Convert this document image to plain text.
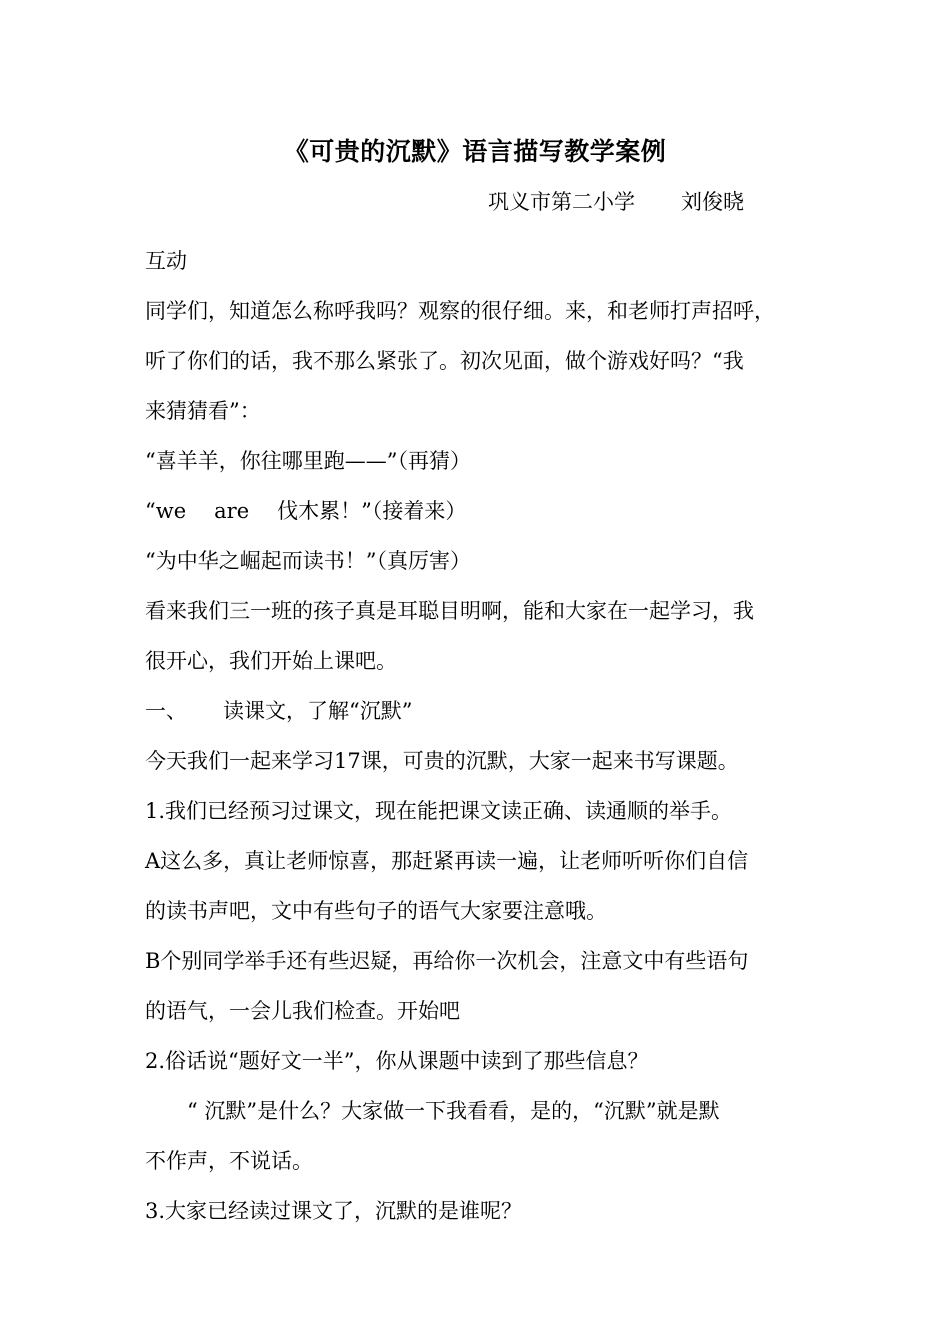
《可贵的沉默》语言描写教学案例
巩义市第二小学 刘俊晓

互动

同学们，知道怎么称呼我吗？观察的很仔细。来，和老师打声招呼，

听了你们的话，我不那么紧张了。初次见面，做个游戏好吗？“我

来猜猜看”：

“喜羊羊，你往哪里跑——”（再猜）

“we are 伐木累！”（接着来）

“为中华之崛起而读书！”（真厉害）

看来我们三一班的孩子真是耳聪目明啊，能和大家在一起学习，我

很开心，我们开始上课吧。

一、 读课文，了解“沉默”

今天我们一起来学习17课，可贵的沉默，大家一起来书写课题。

1.我们已经预习过课文，现在能把课文读正确、读通顺的举手。

A这么多，真让老师惊喜，那赶紧再读一遍，让老师听听你们自信

的读书声吧，文中有些句子的语气大家要注意哦。

B个别同学举手还有些迟疑，再给你一次机会，注意文中有些语句

的语气，一会儿我们检查。开始吧

2.俗话说“题好文一半”，你从课题中读到了那些信息？

“ 沉默”是什么？大家做一下我看看，是的，“沉默”就是默

不作声，不说话。

3.大家已经读过课文了，沉默的是谁呢？
